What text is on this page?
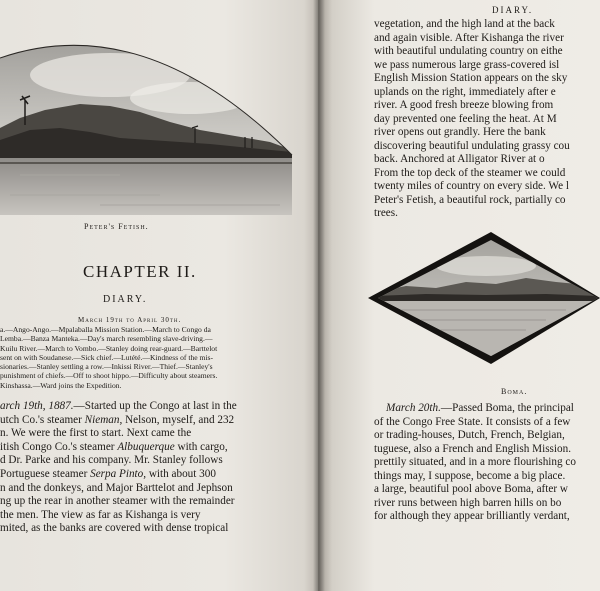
Peter's Fetish.
CHAPTER II.
DIARY.
March 19th to April 30th.
a.—Ango-Ango.—Mpalaballa Mission Station.—March to Congo da
Lemba.—Banza Manteka.—Day's march resembling slave-driving.—
Kuilu River.—March to Vombo.—Stanley doing rear-guard.—Barttelot
sent on with Soudanese.—Sick chief.—Lutété.—Kindness of the mis-
sionaries.—Stanley settling a row.—Inkissi River.—Thief.—Stanley's
punishment of chiefs.—Off to shoot hippo.—Difficulty about steamers.
Kinshassa.—Ward joins the Expedition.
arch 19th, 1887.—Started up the Congo at last in the
utch Co.'s steamer Nieman, Nelson, myself, and 232
n. We were the first to start. Next came the
itish Congo Co.'s steamer Albuquerque with cargo,
d Dr. Parke and his company. Mr. Stanley follows
Portuguese steamer Serpa Pinto, with about 300
n and the donkeys, and Major Barttelot and Jephson
ng up the rear in another steamer with the remainder
the men. The view as far as Kishanga is very
mited, as the banks are covered with dense tropical
DIARY.
vegetation, and the high land at the back
and again visible. After Kishanga the river
with beautiful undulating country on eithe
we pass numerous large grass-covered isl
English Mission Station appears on the sky
uplands on the right, immediately after e
river. A good fresh breeze blowing from
day prevented one feeling the heat. At M
river opens out grandly. Here the bank
discovering beautiful undulating grassy cou
back. Anchored at Alligator River at o
From the top deck of the steamer we could
twenty miles of country on every side. We l
Peter's Fetish, a beautiful rock, partially co
trees.
Boma.
March 20th.—Passed Boma, the principal
of the Congo Free State. It consists of a few
or trading-houses, Dutch, French, Belgian,
tuguese, also a French and English Mission.
prettily situated, and in a more flourishing co
things may, I suppose, become a big place.
a large, beautiful pool above Boma, after w
river runs between high barren hills on bo
for although they appear brilliantly verdant,
